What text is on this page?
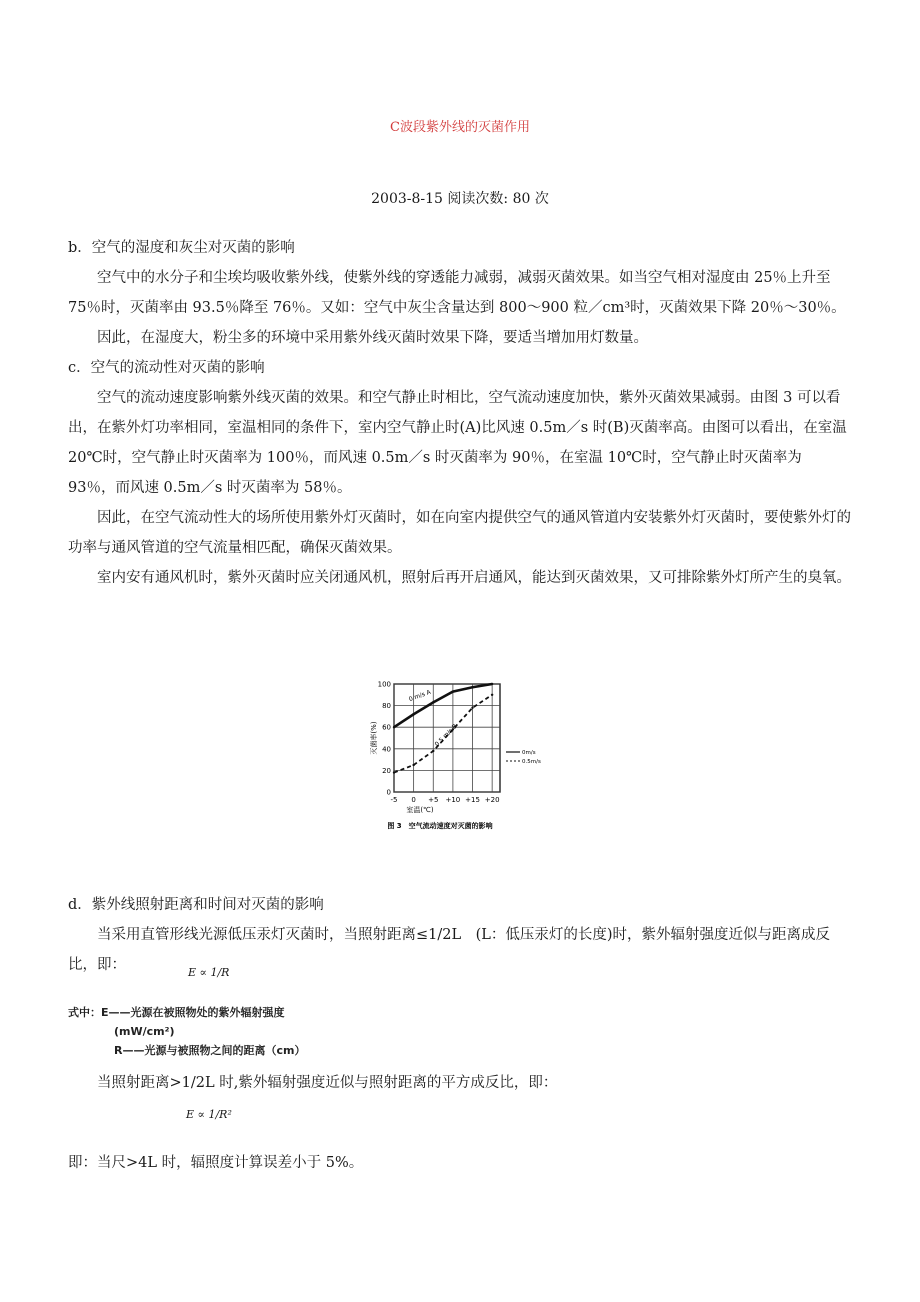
C波段紫外线的灭菌作用
2003-8-15 阅读次数: 80 次

b．空气的湿度和灰尘对灭菌的影响

空气中的水分子和尘埃均吸收紫外线，使紫外线的穿透能力减弱，减弱灭菌效果。如当空气相对湿度由 25％上升至 75％时，灭菌率由 93.5％降至 76％。又如：空气中灰尘含量达到 800～900 粒／cm³时，灭菌效果下降 20％～30％。

因此，在湿度大，粉尘多的环境中采用紫外线灭菌时效果下降，要适当增加用灯数量。

c．空气的流动性对灭菌的影响

空气的流动速度影响紫外线灭菌的效果。和空气静止时相比，空气流动速度加快，紫外灭菌效果减弱。由图 3 可以看出，在紫外灯功率相同，室温相同的条件下，室内空气静止时(A)比风速 0.5m／s 时(B)灭菌率高。由图可以看出，在室温 20℃时，空气静止时灭菌率为 100％，而风速 0.5m／s 时灭菌率为 90％，在室温 10℃时，空气静止时灭菌率为 93％，而风速 0.5m／s 时灭菌率为 58％。

因此，在空气流动性大的场所使用紫外灯灭菌时，如在向室内提供空气的通风管道内安装紫外灯灭菌时，要使紫外灯的功率与通风管道的空气流量相匹配，确保灭菌效果。

室内安有通风机时，紫外灭菌时应关闭通风机，照射后再开启通风，能达到灭菌效果，又可排除紫外灯所产生的臭氧。

-5 0 +5 +10 +15 +20
0
20
40
60
80
100
0 m/s A
0.5 m/s B
0m/s
0.5m/s
灭菌率(%)
室温(℃)
图 3　空气流动速度对灭菌的影响

d．紫外线照射距离和时间对灭菌的影响

当采用直管形线光源低压汞灯灭菌时，当照射距离≤1/2L　(L：低压汞灯的长度)时，紫外辐射强度近似与距离成反比，即：	E ∝ 1/R
式中：E——光源在被照物处的紫外辐射强度
(mW/cm²)
R——光源与被照物之间的距离（cm）

当照射距离>1/2L 时,紫外辐射强度近似与照射距离的平方成反比，即：

E ∝ 1/R²

即：当尺>4L 时，辐照度计算误差小于 5%。
